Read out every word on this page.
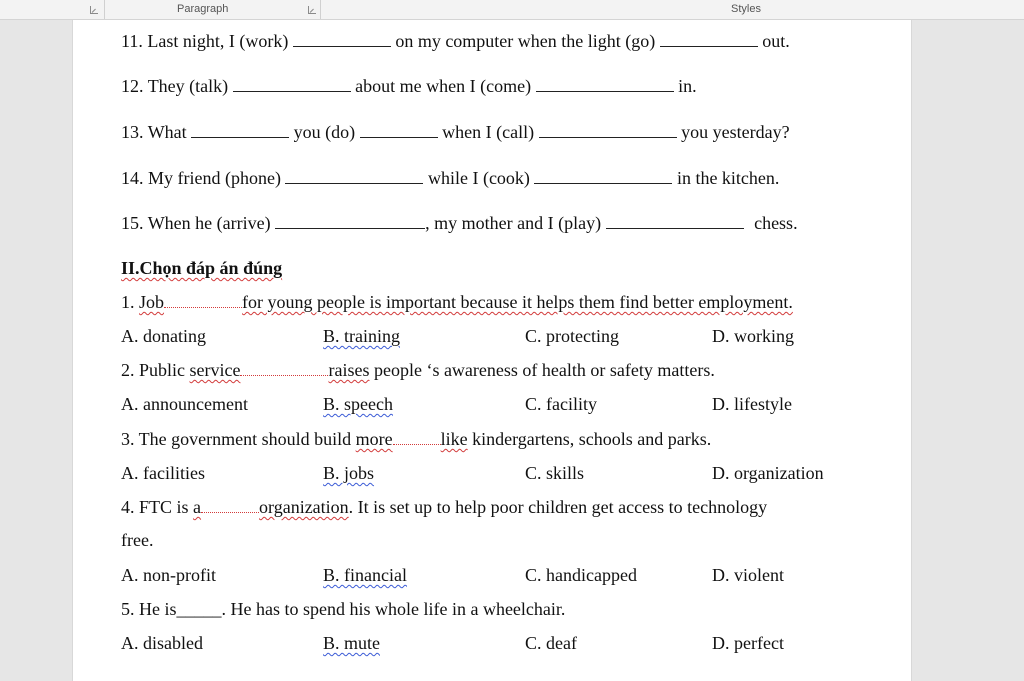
Paragraph	Styles
11. Last night, I (work)	on my computer when the light (go)	out.
12. They (talk)	about me when I (come)	in.
13. What	you (do)	when I (call)	you yesterday?
14. My friend (phone)	while I (cook)	in the kitchen.
15. When he (arrive)	, my mother and I (play)	chess.
II.Chọn đáp án đúng
1. Job	for young people is important because it helps them find better employment.
A. donating	B. training	C. protecting	D. working
2. Public service	raises people ‘s awareness of health or safety matters.
A. announcement	B. speech	C. facility	D. lifestyle
3. The government should build more	like kindergartens, schools and parks.
A. facilities	B. jobs	C. skills	D. organization
4. FTC is a	organization. It is set up to help poor children get access to technology
free.
A. non-profit	B. financial	C. handicapped	D. violent
5. He is_____. He has to spend his whole life in a wheelchair.
A. disabled	B. mute	C. deaf	D. perfect
